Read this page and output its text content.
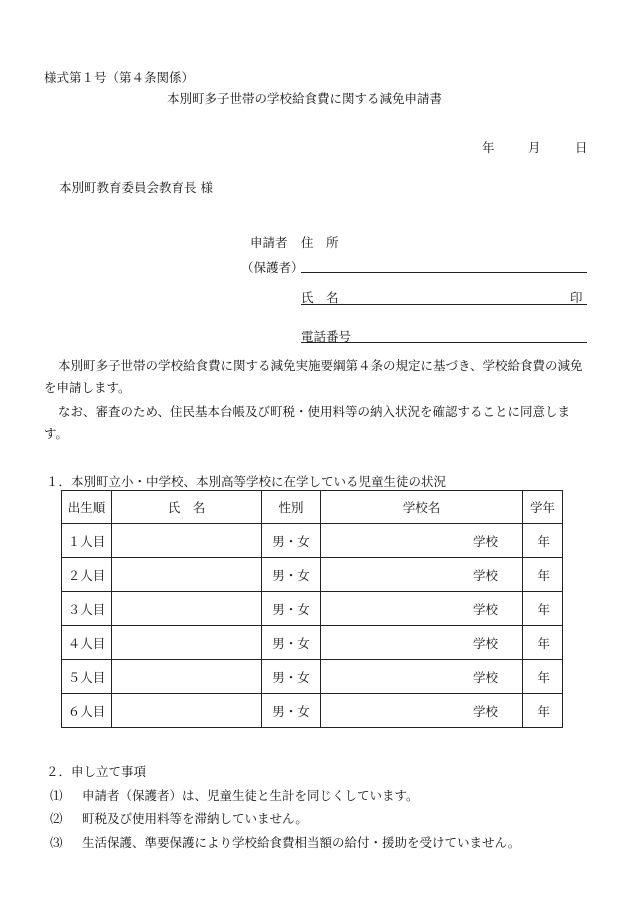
様式第１号（第４条関係）
本別町多子世帯の学校給食費に関する減免申請書
年	月	日
本別町教育委員会教育長 様
申請者 住　所
（保護者）
氏　名	印
電話番号
本別町多子世帯の学校給食費に関する減免実施要綱第４条の規定に基づき、学校給食費の減免を申請します。
なお、審査のため、住民基本台帳及び町税・使用料等の納入状況を確認することに同意します。
１．本別町立小・中学校、本別高等学校に在学している児童生徒の状況
出生順	氏　名	性別	学校名	学年
１人目		男・女	学校	年
２人目		男・女	学校	年
３人目		男・女	学校	年
４人目		男・女	学校	年
５人目		男・女	学校	年
６人目		男・女	学校	年
２．申し立て事項
⑴ 申請者（保護者）は、児童生徒と生計を同じくしています。
⑵ 町税及び使用料等を滞納していません。
⑶ 生活保護、準要保護により学校給食費相当額の給付・援助を受けていません。
